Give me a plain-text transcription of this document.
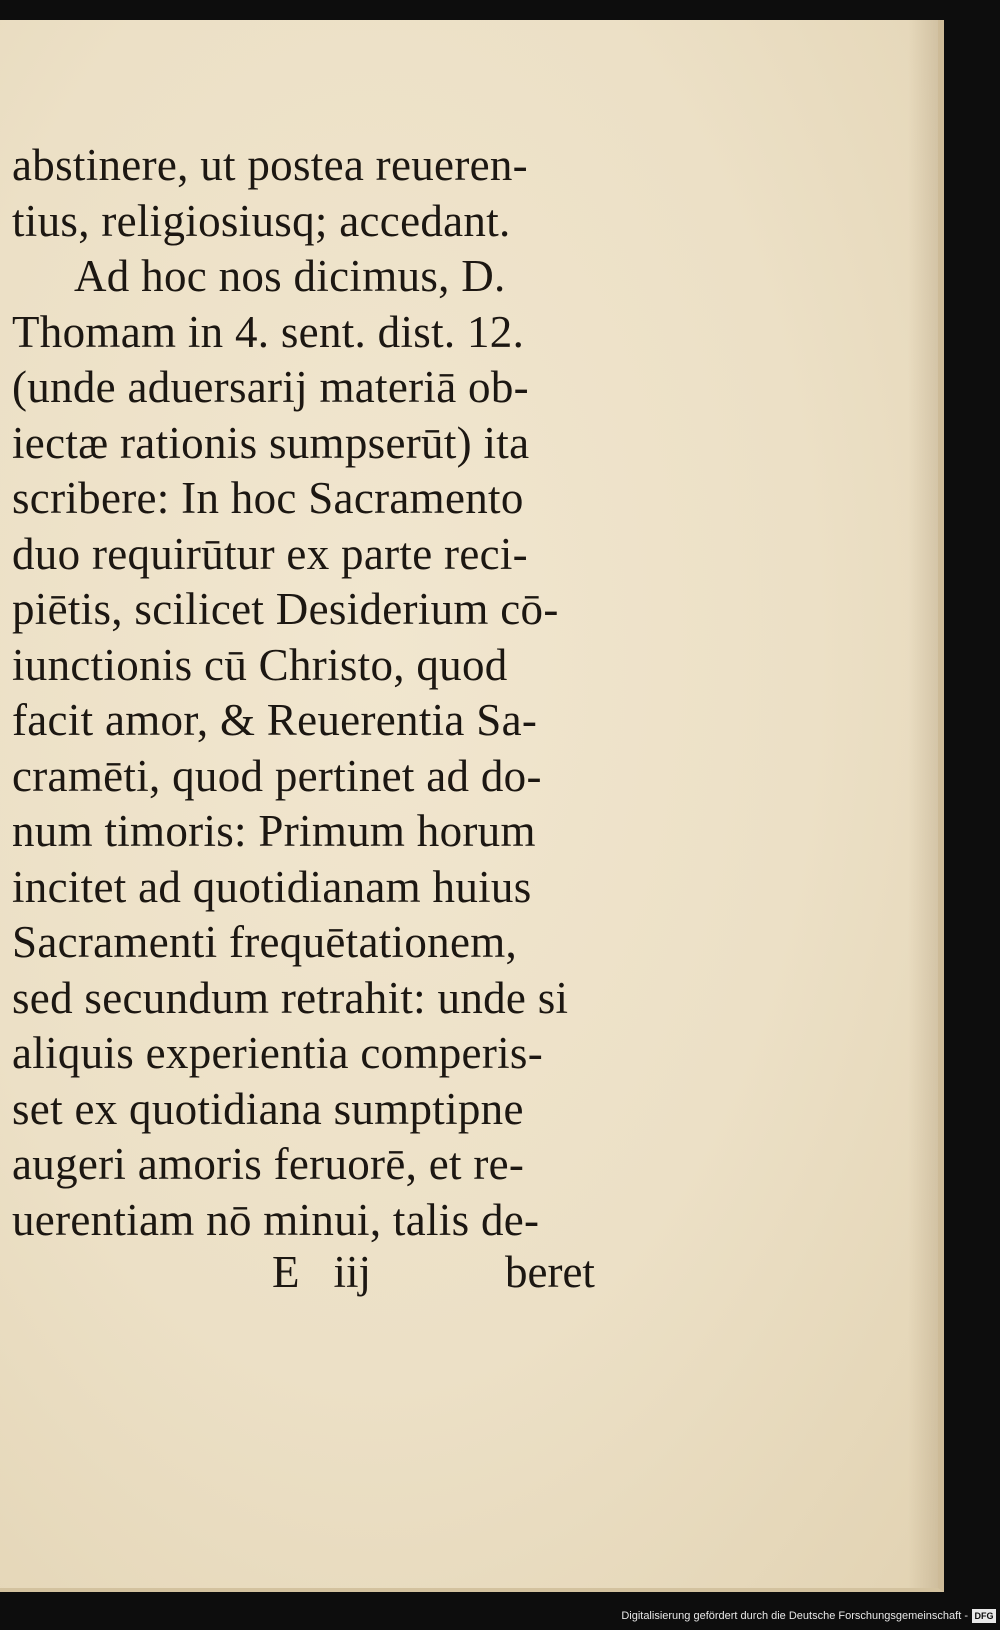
abstinere, ut postea reueren-
tius, religiosiusq; accedant.
Ad hoc nos dicimus, D.
Thomam in 4. sent. dist. 12.
(unde aduersarij materiā ob-
iectæ rationis sumpserūt) ita
scribere: In hoc Sacramento
duo requirūtur ex parte reci-
piētis, scilicet Desiderium cō-
iunctionis cū Christo, quod
facit amor, & Reuerentia Sa-
cramēti, quod pertinet ad do-
num timoris: Primum horum
incitet ad quotidianam huius
Sacramenti frequētationem,
sed secundum retrahit: unde si
aliquis experientia comperis-
set ex quotidiana sumptipne
augeri amoris feruorē, et re-
uerentiam nō minui, talis de-
E iij	beret
Digitalisierung gefördert durch die Deutsche Forschungsgemeinschaft - DFG
